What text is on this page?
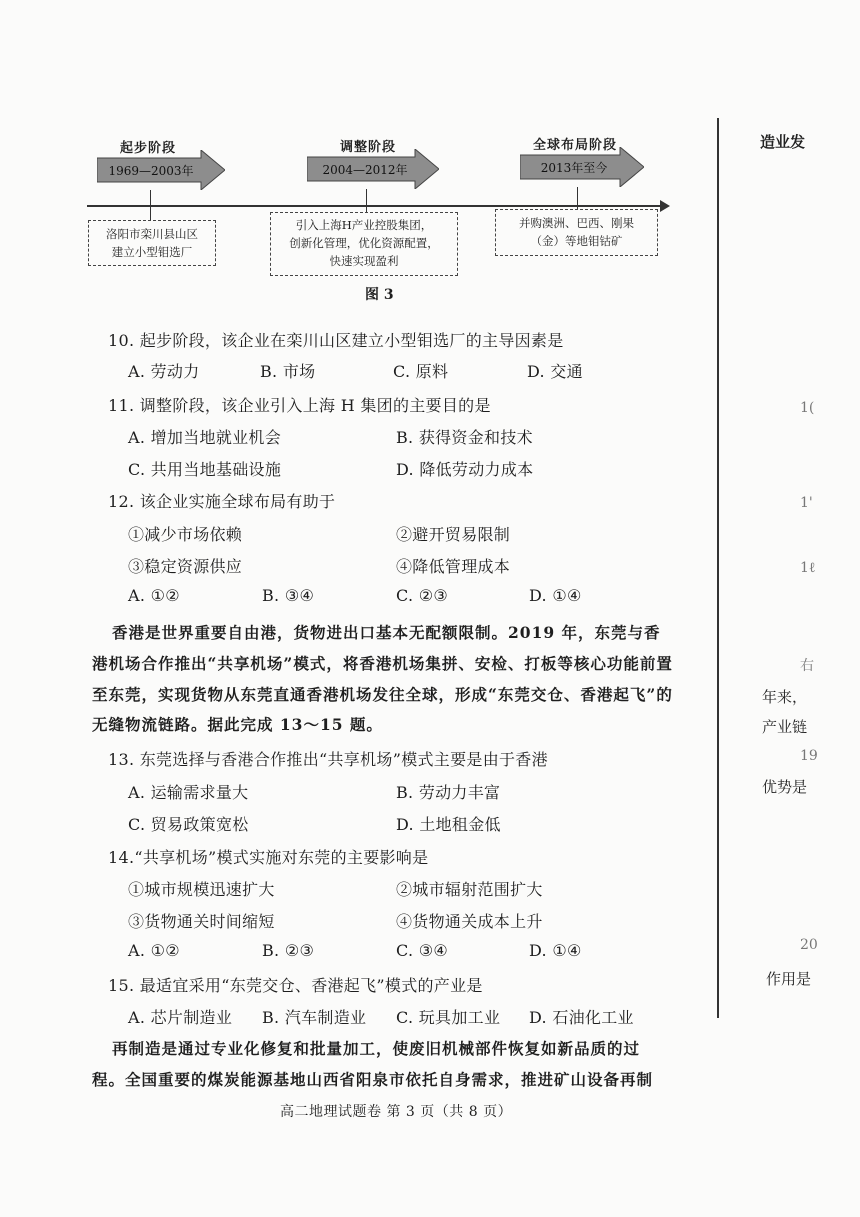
起步阶段
1969—2003年
调整阶段
2004—2012年
全球布局阶段
2013年至今
洛阳市栾川县山区
建立小型钼选厂
引入上海H产业控股集团，
创新化管理，优化资源配置，
快速实现盈利
并购澳洲、巴西、刚果
（金）等地钼钴矿
图 3
10. 起步阶段，该企业在栾川山区建立小型钼选厂的主导因素是
A. 劳动力	B. 市场	C. 原料	D. 交通
11. 调整阶段，该企业引入上海 H 集团的主要目的是
A. 增加当地就业机会	B. 获得资金和技术
C. 共用当地基础设施	D. 降低劳动力成本
12. 该企业实施全球布局有助于
①减少市场依赖	②避开贸易限制
③稳定资源供应	④降低管理成本
A. ①②	B. ③④	C. ②③	D. ①④
香港是世界重要自由港，货物进出口基本无配额限制。2019 年，东莞与香
港机场合作推出“共享机场”模式，将香港机场集拼、安检、打板等核心功能前置
至东莞，实现货物从东莞直通香港机场发往全球，形成“东莞交仓、香港起飞”的
无缝物流链路。据此完成 13～15 题。
13. 东莞选择与香港合作推出“共享机场”模式主要是由于香港
A. 运输需求量大	B. 劳动力丰富
C. 贸易政策宽松	D. 土地租金低
14.“共享机场”模式实施对东莞的主要影响是
①城市规模迅速扩大	②城市辐射范围扩大
③货物通关时间缩短	④货物通关成本上升
A. ①②	B. ②③	C. ③④	D. ①④
15. 最适宜采用“东莞交仓、香港起飞”模式的产业是
A. 芯片制造业 B. 汽车制造业 C. 玩具加工业 D. 石油化工业
再制造是通过专业化修复和批量加工，使废旧机械部件恢复如新品质的过
程。全国重要的煤炭能源基地山西省阳泉市依托自身需求，推进矿山设备再制
高二地理试题卷 第 3 页（共 8 页）
造业发
1(
1'
1ℓ
右
年来，
产业链
19
优势是
20
作用是
